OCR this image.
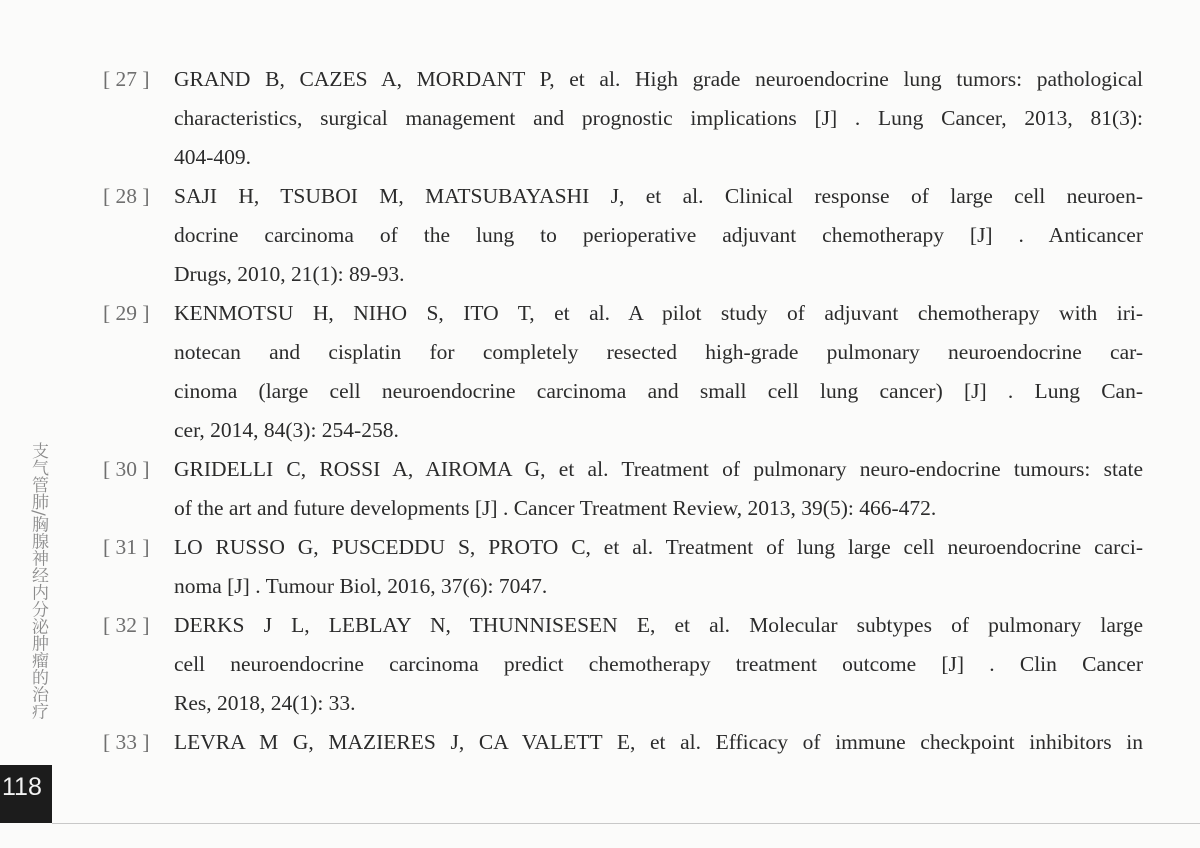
[ 27 ] GRAND B, CAZES A, MORDANT P, et al. High grade neuroendocrine lung tumors: pathological
characteristics, surgical management and prognostic implications [J] . Lung Cancer, 2013, 81(3):
404-409.
[ 28 ] SAJI H, TSUBOI M, MATSUBAYASHI J, et al. Clinical response of large cell neuroen-
docrine carcinoma of the lung to perioperative adjuvant chemotherapy [J] . Anticancer
Drugs, 2010, 21(1): 89-93.
[ 29 ] KENMOTSU H, NIHO S, ITO T, et al. A pilot study of adjuvant chemotherapy with iri-
notecan and cisplatin for completely resected high-grade pulmonary neuroendocrine car-
cinoma (large cell neuroendocrine carcinoma and small cell lung cancer) [J] . Lung Can-
cer, 2014, 84(3): 254-258.
[ 30 ] GRIDELLI C, ROSSI A, AIROMA G, et al. Treatment of pulmonary neuro-endocrine tumours: state
of the art and future developments [J] . Cancer Treatment Review, 2013, 39(5): 466-472.
[ 31 ] LO RUSSO G, PUSCEDDU S, PROTO C, et al. Treatment of lung large cell neuroendocrine carci-
noma [J] . Tumour Biol, 2016, 37(6): 7047.
[ 32 ] DERKS J L, LEBLAY N, THUNNISESEN E, et al. Molecular subtypes of pulmonary large
cell neuroendocrine carcinoma predict chemotherapy treatment outcome [J] . Clin Cancer
Res, 2018, 24(1): 33.
[ 33 ] LEVRA M G, MAZIERES J, CA VALETT E, et al. Efficacy of immune checkpoint inhibitors in
支气管肺/胸腺神经内分泌肿瘤的治疗
118
